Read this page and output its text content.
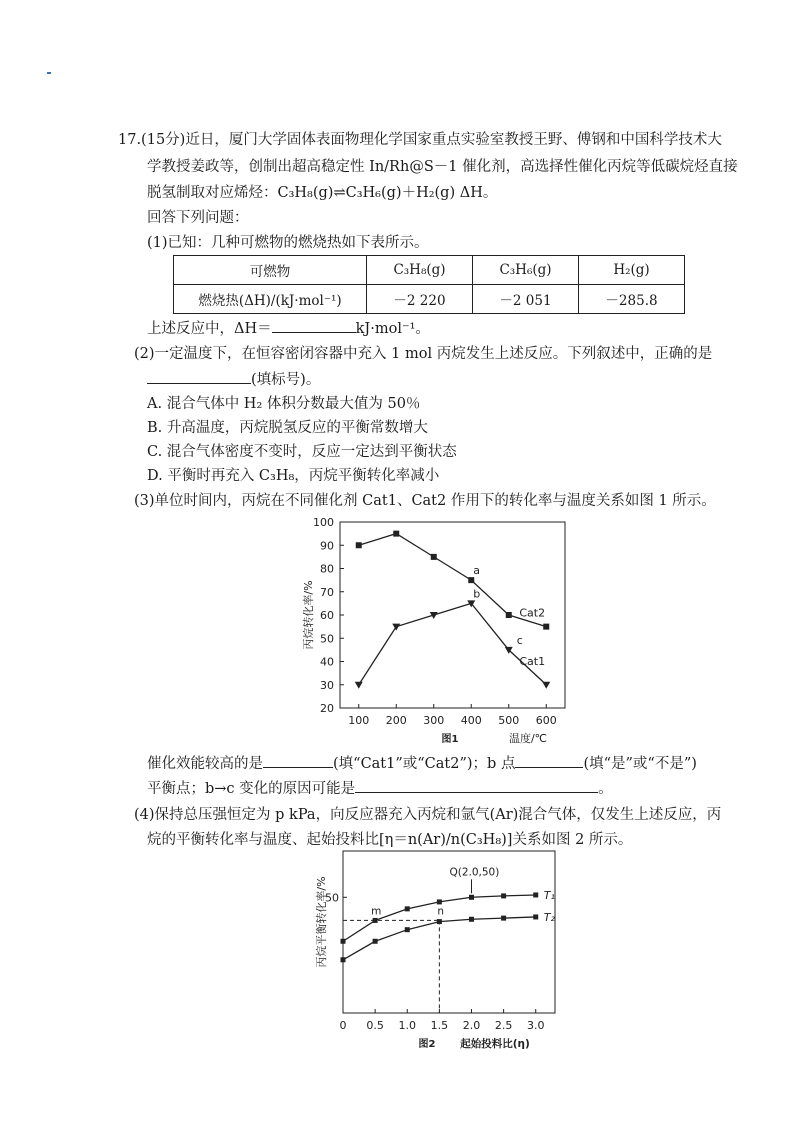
17.(15分)近日，厦门大学固体表面物理化学国家重点实验室教授王野、傅钢和中国科学技术大
学教授姜政等，创制出超高稳定性 In/Rh@S－1 催化剂，高选择性催化丙烷等低碳烷烃直接
脱氢制取对应烯烃：C₃H₈(g)⇌C₃H₆(g)＋H₂(g) ΔH。
回答下列问题：
(1)已知：几种可燃物的燃烧热如下表所示。
可燃物	C₃H₈(g)	C₃H₆(g)	H₂(g)
燃烧热(ΔH)/(kJ·mol⁻¹)	－2 220	－2 051	－285.8
上述反应中，ΔH＝	kJ·mol⁻¹。
(2)一定温度下，在恒容密闭容器中充入 1 mol 丙烷发生上述反应。下列叙述中，正确的是
(填标号)。
A. 混合气体中 H₂ 体积分数最大值为 50％
B. 升高温度，丙烷脱氢反应的平衡常数增大
C. 混合气体密度不变时，反应一定达到平衡状态
D. 平衡时再充入 C₃H₈，丙烷平衡转化率减小
(3)单位时间内，丙烷在不同催化剂 Cat1、Cat2 作用下的转化率与温度关系如图 1 所示。
20
30
40
50
60
70
80
90
100
100 200 300 400 500 600
Cat2
Cat1
a
b
c
丙烷转化率/%
图1	温度/℃
催化效能较高的是	(填“Cat1”或“Cat2”)；b 点	(填“是”或“不是”)
平衡点；b→c 变化的原因可能是	。
(4)保持总压强恒定为 p kPa，向反应器充入丙烷和氩气(Ar)混合气体，仅发生上述反应，丙
烷的平衡转化率与温度、起始投料比[η＝n(Ar)/n(C₃H₈)]关系如图 2 所示。
0 0.5 1.0 1.5 2.0 2.5 3.0
50	T₁
T₂
Q(2.0,50)
m	n
丙烷平衡转化率/%
图2 起始投料比(η)
